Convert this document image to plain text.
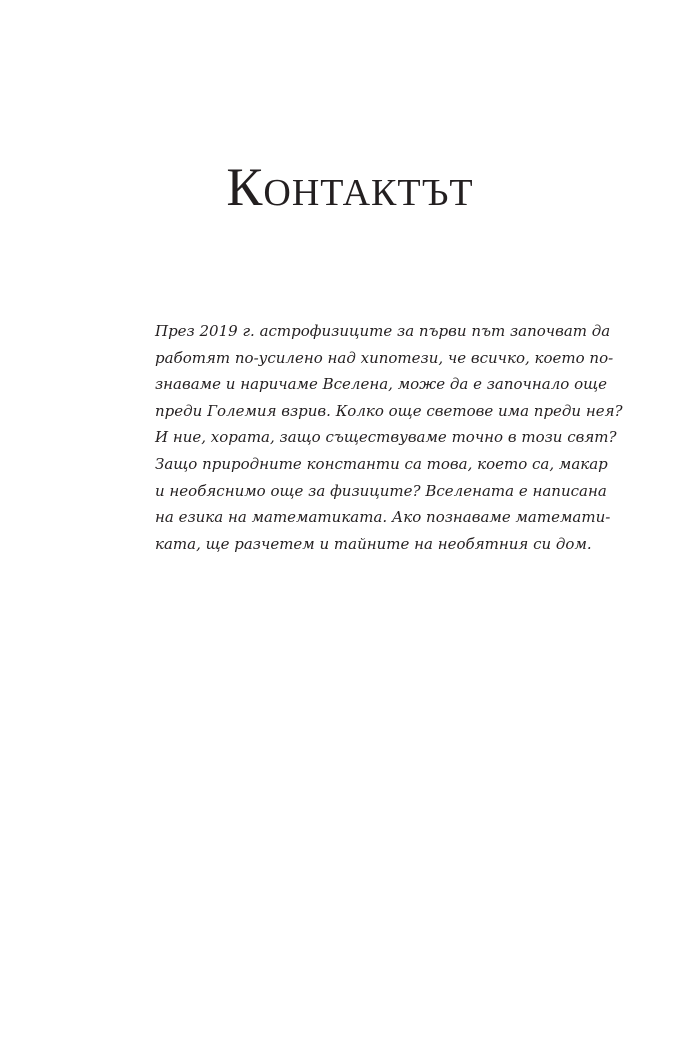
Контактът
През 2019 г. астрофизиците за първи път започват да
работят по-усилено над хипотези, че всичко, което по-
знаваме и наричаме Вселена, може да е започнало още
преди Големия взрив. Колко още светове има преди нея?
И ние, хората, защо съществуваме точно в този свят?
Защо природните константи са това, което са, макар
и необяснимо още за физиците? Вселената е написана
на езика на математиката. Ако познаваме математи-
ката, ще разчетем и тайните на необятния си дом.
